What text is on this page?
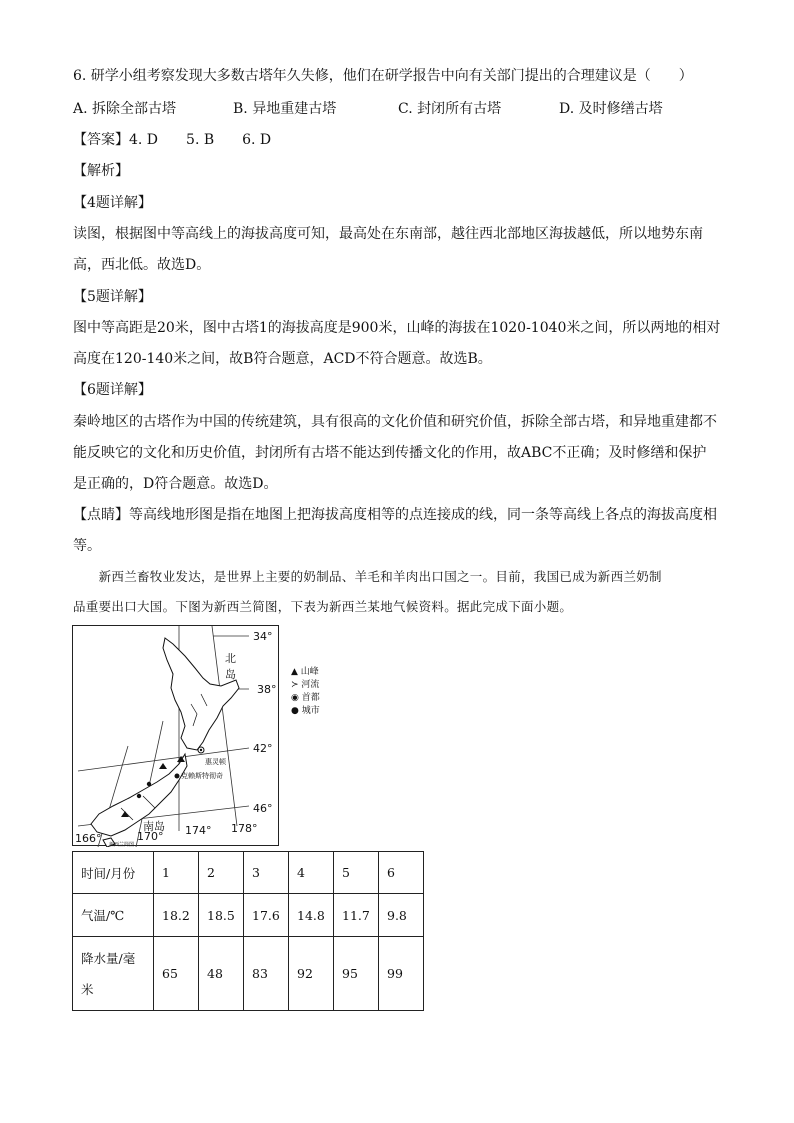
6. 研学小组考察发现大多数古塔年久失修，他们在研学报告中向有关部门提出的合理建议是（　　）
A. 拆除全部古塔	B. 异地重建古塔	C. 封闭所有古塔	D. 及时修缮古塔
【答案】4. D　　5. B　　6. D
【解析】
【4题详解】
读图，根据图中等高线上的海拔高度可知，最高处在东南部，越往西北部地区海拔越低，所以地势东南
高，西北低。故选D。
【5题详解】
图中等高距是20米，图中古塔1的海拔高度是900米，山峰的海拔在1020-1040米之间，所以两地的相对
高度在120-140米之间，故B符合题意，ACD不符合题意。故选B。
【6题详解】
秦岭地区的古塔作为中国的传统建筑，具有很高的文化价值和研究价值，拆除全部古塔，和异地重建都不
能反映它的文化和历史价值，封闭所有古塔不能达到传播文化的作用，故ABC不正确；及时修缮和保护
是正确的，D符合题意。故选D。
【点睛】等高线地形图是指在地图上把海拔高度相等的点连接成的线，同一条等高线上各点的海拔高度相
等。
　　新西兰畜牧业发达，是世界上主要的奶制品、羊毛和羊肉出口国之一。目前，我国已成为新西兰奶制
品重要出口大国。下图为新西兰简图，下表为新西兰某地气候资料。据此完成下面小题。
34°
38°
42°
46°
166°	170° 174° 178°
北
岛
南岛
惠灵顿
克赖斯特彻奇
新西兰简图
▲ 山峰
≻ 河流
◉ 首都
● 城市
时间/月份	1	2	3	4	5	6
气温/℃	18.2	18.5	17.6	14.8	11.7	9.8
降水量/毫
米	65	48	83	92	95	99
